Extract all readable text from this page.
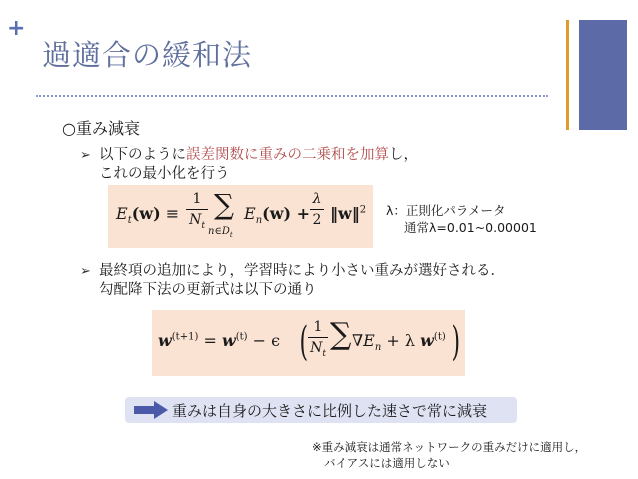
+
過適合の緩和法
○重み減衰
➢ 以下のように誤差関数に重みの二乗和を加算し，
これの最小化を行う
$E_t(w)$ ≡
1
$N_t$
∑
$n\in D_t$
$E_n(w)$ +
λ
2 ‖w‖$^2$ λ：正則化パラメータ
通常λ=0.01~0.00001
➢ 最終項の追加により，学習時により小さい重みが選好される．
勾配降下法の更新式は以下の通り
$w^{(t+1)} = w^{(t)} - \epsilon$ ( 1
$N_t$
∑ $\nabla E_n + \lambda$ $w^{(t)}$ )
重みは自身の大きさに比例した速さで常に減衰
※重み減衰は通常ネットワークの重みだけに適用し，
バイアスには適用しない
